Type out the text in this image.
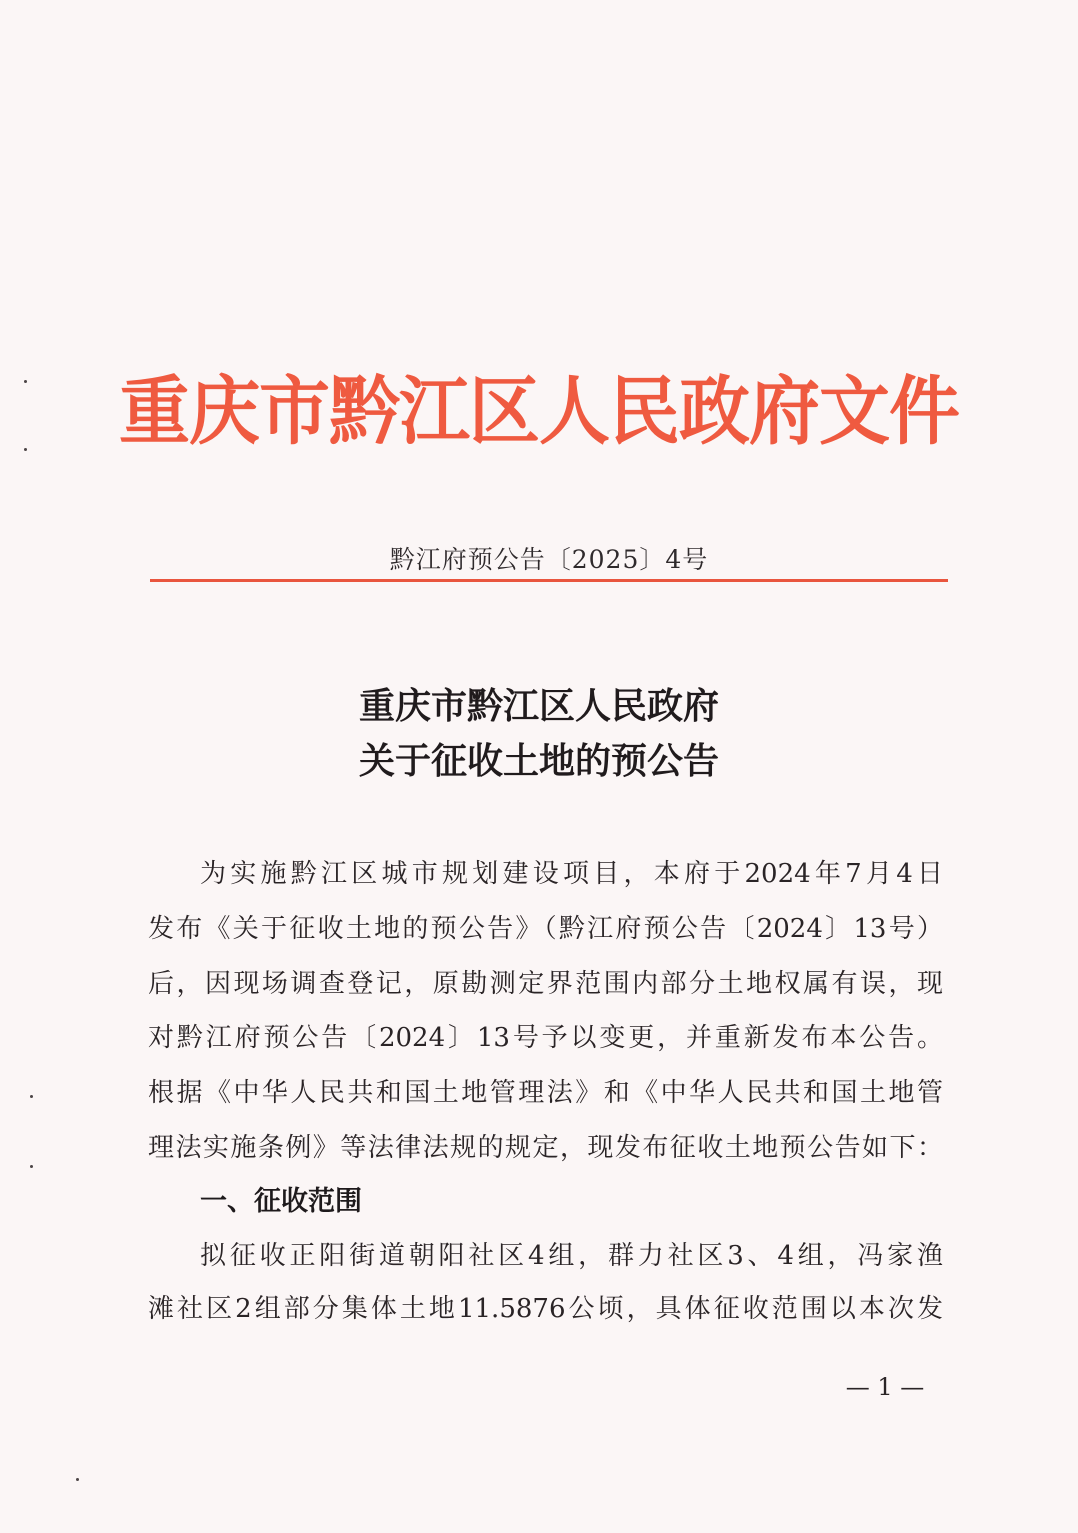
重庆市黔江区人民政府文件
黔江府预公告〔2025〕4号
重庆市黔江区人民政府
关于征收土地的预公告
为实施黔江区城市规划建设项目，本府于2024年7月4日
发布《关于征收土地的预公告》（黔江府预公告〔2024〕13号）
后，因现场调查登记，原勘测定界范围内部分土地权属有误，现
对黔江府预公告〔2024〕13号予以变更，并重新发布本公告。
根据《中华人民共和国土地管理法》和《中华人民共和国土地管
理法实施条例》等法律法规的规定，现发布征收土地预公告如下：
一、征收范围
拟征收正阳街道朝阳社区4组，群力社区3、4组，冯家渔
滩社区2组部分集体土地11.5876公顷，具体征收范围以本次发
— 1 —
